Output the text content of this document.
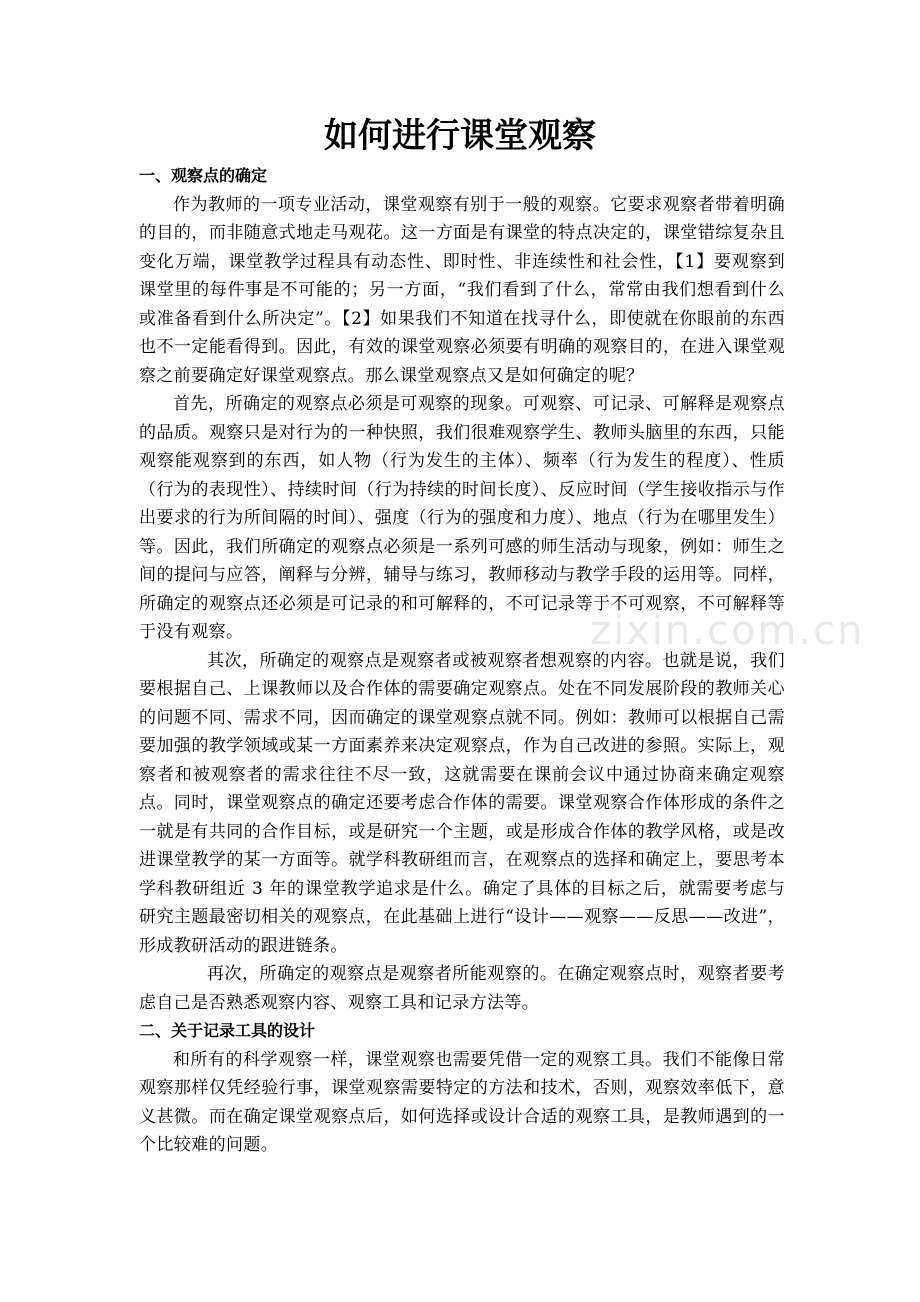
如何进行课堂观察
一、观察点的确定

作为教师的一项专业活动，课堂观察有别于一般的观察。它要求观察者带着明确的目的，而非随意式地走马观花。这一方面是有课堂的特点决定的，课堂错综复杂且变化万端，课堂教学过程具有动态性、即时性、非连续性和社会性，【1】要观察到课堂里的每件事是不可能的；另一方面，“我们看到了什么，常常由我们想看到什么或准备看到什么所决定”。【2】如果我们不知道在找寻什么，即使就在你眼前的东西也不一定能看得到。因此，有效的课堂观察必须要有明确的观察目的，在进入课堂观察之前要确定好课堂观察点。那么课堂观察点又是如何确定的呢？

首先，所确定的观察点必须是可观察的现象。可观察、可记录、可解释是观察点的品质。观察只是对行为的一种快照，我们很难观察学生、教师头脑里的东西，只能观察能观察到的东西，如人物（行为发生的主体）、频率（行为发生的程度）、性质（行为的表现性）、持续时间（行为持续的时间长度）、反应时间（学生接收指示与作出要求的行为所间隔的时间）、强度（行为的强度和力度）、地点（行为在哪里发生）等。因此，我们所确定的观察点必须是一系列可感的师生活动与现象，例如：师生之间的提问与应答，阐释与分辨，辅导与练习，教师移动与教学手段的运用等。同样，所确定的观察点还必须是可记录的和可解释的，不可记录等于不可观察，不可解释等于没有观察。

其次，所确定的观察点是观察者或被观察者想观察的内容。也就是说，我们要根据自己、上课教师以及合作体的需要确定观察点。处在不同发展阶段的教师关心的问题不同、需求不同，因而确定的课堂观察点就不同。例如：教师可以根据自己需要加强的教学领域或某一方面素养来决定观察点，作为自己改进的参照。实际上，观察者和被观察者的需求往往不尽一致，这就需要在课前会议中通过协商来确定观察点。同时，课堂观察点的确定还要考虑合作体的需要。课堂观察合作体形成的条件之一就是有共同的合作目标，或是研究一个主题，或是形成合作体的教学风格，或是改进课堂教学的某一方面等。就学科教研组而言，在观察点的选择和确定上，要思考本学科教研组近 3 年的课堂教学追求是什么。确定了具体的目标之后，就需要考虑与研究主题最密切相关的观察点，在此基础上进行“设计——观察——反思——改进”，形成教研活动的跟进链条。

再次，所确定的观察点是观察者所能观察的。在确定观察点时，观察者要考虑自己是否熟悉观察内容、观察工具和记录方法等。

二、关于记录工具的设计

和所有的科学观察一样，课堂观察也需要凭借一定的观察工具。我们不能像日常观察那样仅凭经验行事，课堂观察需要特定的方法和技术，否则，观察效率低下，意义甚微。而在确定课堂观察点后，如何选择或设计合适的观察工具，是教师遇到的一个比较难的问题。

zixin.com.cn
